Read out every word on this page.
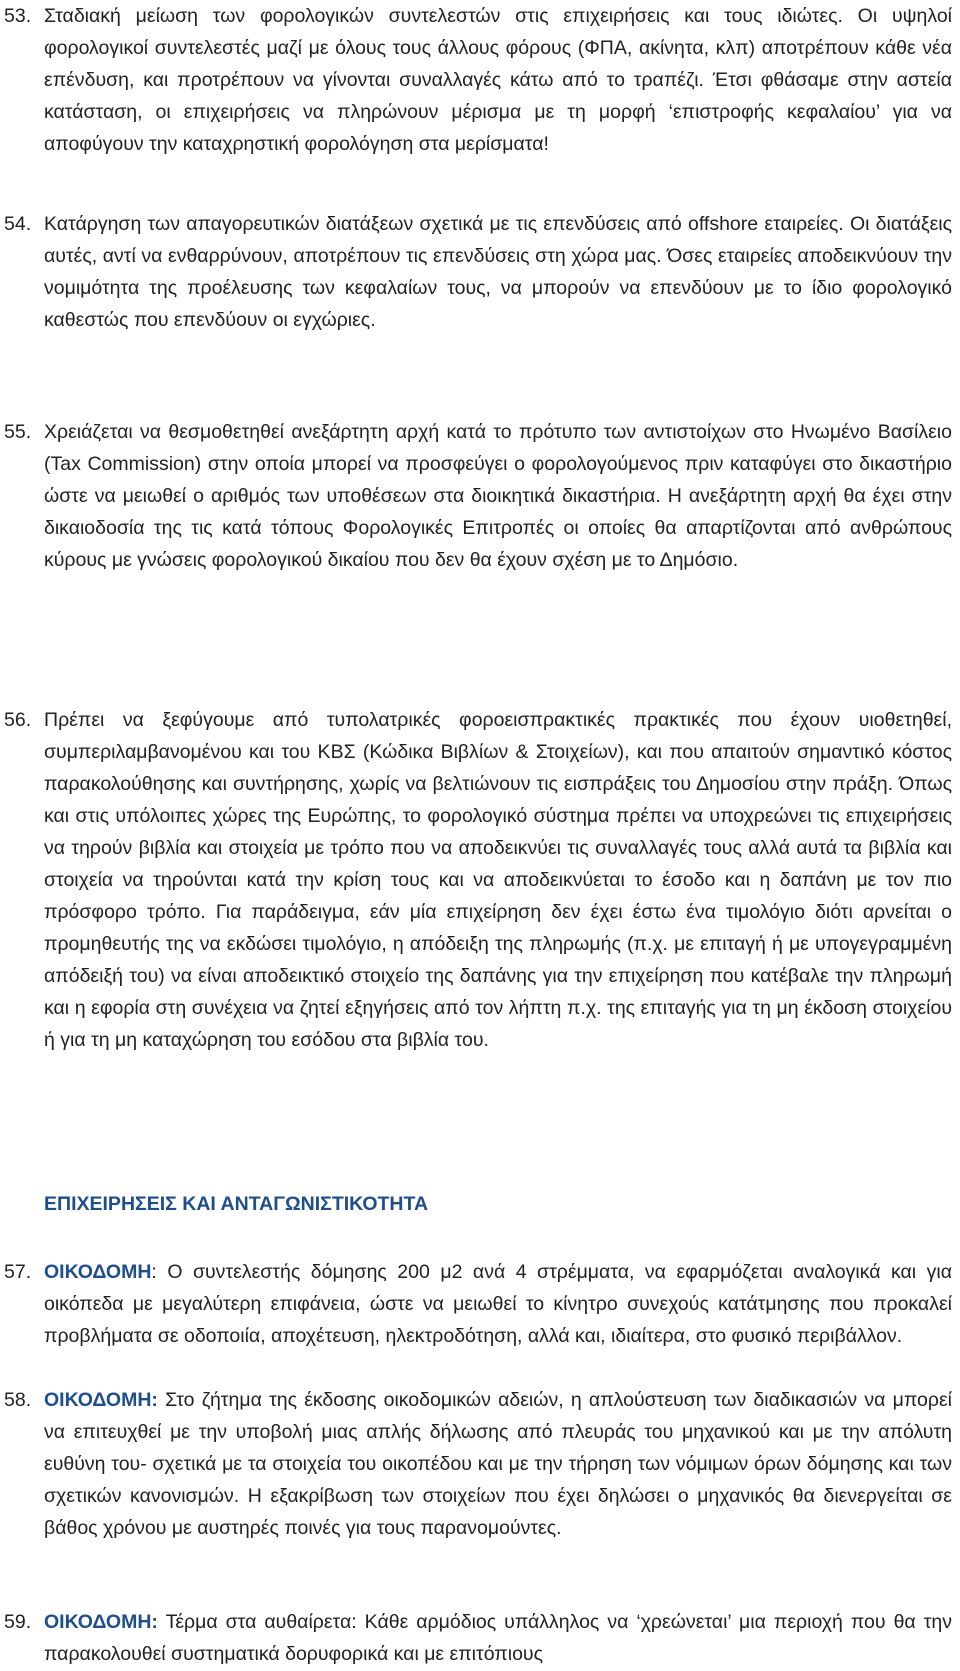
53. Σταδιακή μείωση των φορολογικών συντελεστών στις επιχειρήσεις και τους ιδιώτες. Οι υψηλοί φορολογικοί συντελεστές μαζί με όλους τους άλλους φόρους (ΦΠΑ, ακίνητα, κλπ) αποτρέπουν κάθε νέα επένδυση, και προτρέπουν να γίνονται συναλλαγές κάτω από το τραπέζι. Έτσι φθάσαμε στην αστεία κατάσταση, οι επιχειρήσεις να πληρώνουν μέρισμα με τη μορφή ‘επιστροφής κεφαλαίου’ για να αποφύγουν την καταχρηστική φορολόγηση στα μερίσματα!

54. Κατάργηση των απαγορευτικών διατάξεων σχετικά με τις επενδύσεις από offshore εταιρείες. Οι διατάξεις αυτές, αντί να ενθαρρύνουν, αποτρέπουν τις επενδύσεις στη χώρα μας. Όσες εταιρείες αποδεικνύουν την νομιμότητα της προέλευσης των κεφαλαίων τους, να μπορούν να επενδύουν με το ίδιο φορολογικό καθεστώς που επενδύουν οι εγχώριες.

55. Χρειάζεται να θεσμοθετηθεί ανεξάρτητη αρχή κατά το πρότυπο των αντιστοίχων στο Ηνωμένο Βασίλειο (Tax Commission) στην οποία μπορεί να προσφεύγει ο φορολογούμενος πριν καταφύγει στο δικαστήριο ώστε να μειωθεί ο αριθμός των υποθέσεων στα διοικητικά δικαστήρια. Η ανεξάρτητη αρχή θα έχει στην δικαιοδοσία της τις κατά τόπους Φορολογικές Επιτροπές οι οποίες θα απαρτίζονται από ανθρώπους κύρους με γνώσεις φορολογικού δικαίου που δεν θα έχουν σχέση με το Δημόσιο.

56. Πρέπει να ξεφύγουμε από τυπολατρικές φοροεισπρακτικές πρακτικές που έχουν υιοθετηθεί, συμπεριλαμβανομένου και του ΚΒΣ (Κώδικα Βιβλίων & Στοιχείων), και που απαιτούν σημαντικό κόστος παρακολούθησης και συντήρησης, χωρίς να βελτιώνουν τις εισπράξεις του Δημοσίου στην πράξη. Όπως και στις υπόλοιπες χώρες της Ευρώπης, το φορολογικό σύστημα πρέπει να υποχρεώνει τις επιχειρήσεις να τηρούν βιβλία και στοιχεία με τρόπο που να αποδεικνύει τις συναλλαγές τους αλλά αυτά τα βιβλία και στοιχεία να τηρούνται κατά την κρίση τους και να αποδεικνύεται το έσοδο και η δαπάνη με τον πιο πρόσφορο τρόπο. Για παράδειγμα, εάν μία επιχείρηση δεν έχει έστω ένα τιμολόγιο διότι αρνείται ο προμηθευτής της να εκδώσει τιμολόγιο, η απόδειξη της πληρωμής (π.χ. με επιταγή ή με υπογεγραμμένη απόδειξή του) να είναι αποδεικτικό στοιχείο της δαπάνης για την επιχείρηση που κατέβαλε την πληρωμή και η εφορία στη συνέχεια να ζητεί εξηγήσεις από τον λήπτη π.χ. της επιταγής για τη μη έκδοση στοιχείου ή για τη μη καταχώρηση του εσόδου στα βιβλία του.

ΕΠΙΧΕΙΡΗΣΕΙΣ ΚΑΙ ΑΝΤΑΓΩΝΙΣΤΙΚΟΤΗΤΑ

57. ΟΙΚΟΔΟΜΗ: Ο συντελεστής δόμησης 200 μ2 ανά 4 στρέμματα, να εφαρμόζεται αναλογικά και για οικόπεδα με μεγαλύτερη επιφάνεια, ώστε να μειωθεί το κίνητρο συνεχούς κατάτμησης που προκαλεί προβλήματα σε οδοποιία, αποχέτευση, ηλεκτροδότηση, αλλά και, ιδιαίτερα, στο φυσικό περιβάλλον.

58. ΟΙΚΟΔΟΜΗ: Στο ζήτημα της έκδοσης οικοδομικών αδειών, η απλούστευση των διαδικασιών να μπορεί να επιτευχθεί με την υποβολή μιας απλής δήλωσης από πλευράς του μηχανικού και με την απόλυτη ευθύνη του- σχετικά με τα στοιχεία του οικοπέδου και με την τήρηση των νόμιμων όρων δόμησης και των σχετικών κανονισμών. Η εξακρίβωση των στοιχείων που έχει δηλώσει ο μηχανικός θα διενεργείται σε βάθος χρόνου με αυστηρές ποινές για τους παρανομούντες.

59. ΟΙΚΟΔΟΜΗ: Τέρμα στα αυθαίρετα: Κάθε αρμόδιος υπάλληλος να ‘χρεώνεται’ μια περιοχή που θα την παρακολουθεί συστηματικά δορυφορικά και με επιτόπιους
